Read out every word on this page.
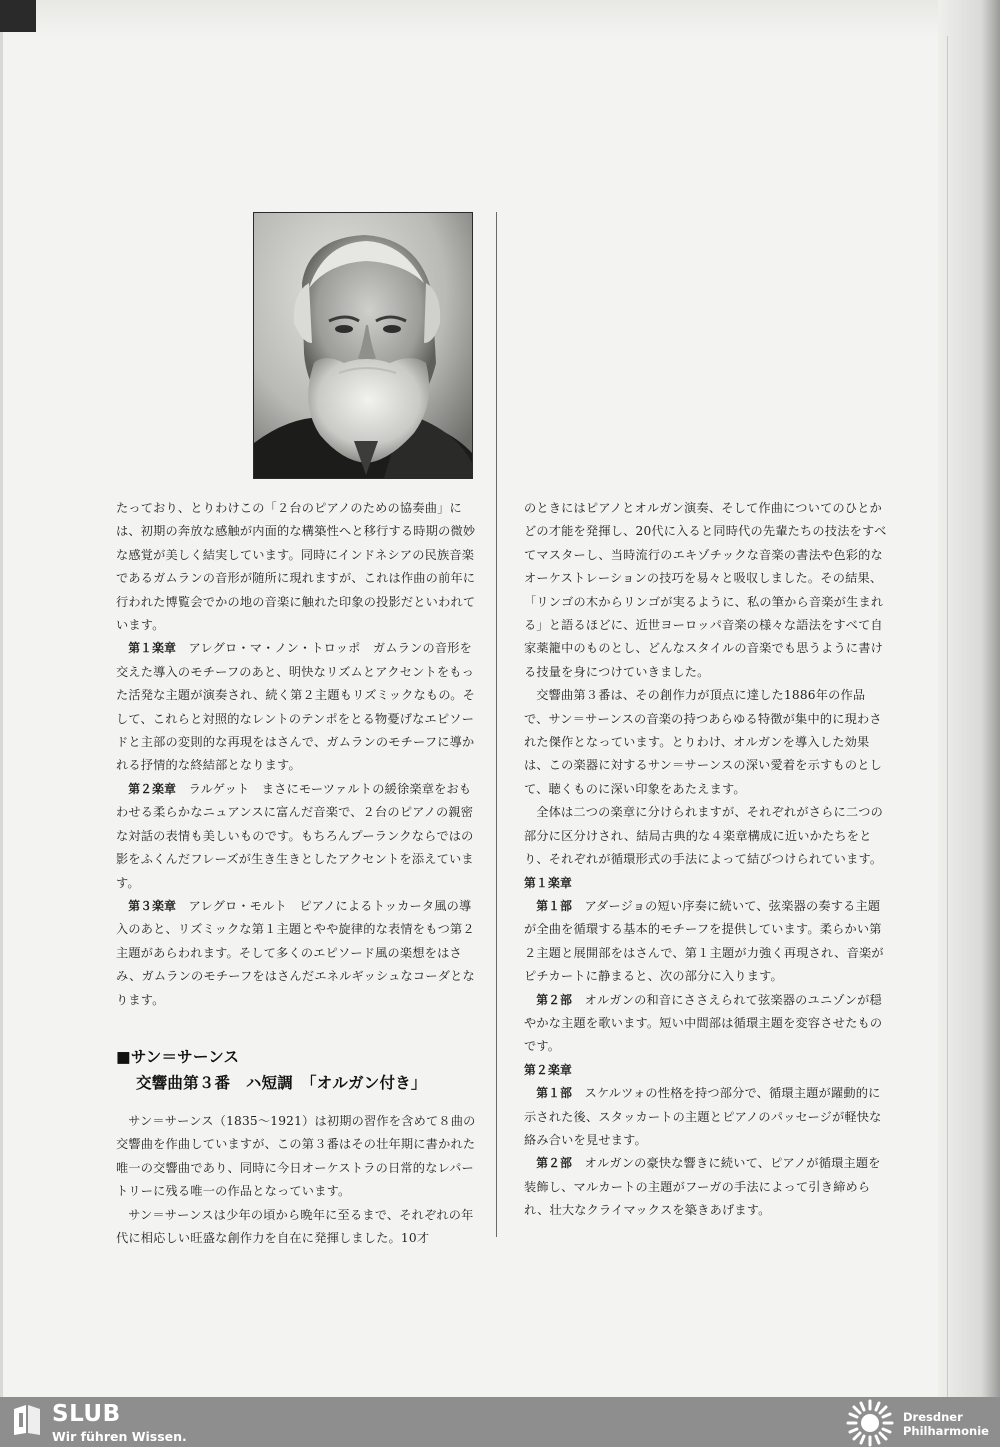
たっており、とりわけこの「２台のピアノのための協奏曲」には、初期の奔放な感触が内面的な構築性へと移行する時期の微妙な感覚が美しく結実しています。同時にインドネシアの民族音楽であるガムランの音形が随所に現れますが、これは作曲の前年に行われた博覧会でかの地の音楽に触れた印象の投影だといわれています。

第１楽章　 アレグロ・マ・ノン・トロッポ　ガムランの音形を交えた導入のモチーフのあと、明快なリズムとアクセントをもった活発な主題が演奏され、続く第２主題もリズミックなもの。そして、これらと対照的なレントのテンポをとる物憂げなエピソードと主部の変則的な再現をはさんで、ガムランのモチーフに導かれる抒情的な終結部となります。

第２楽章　 ラルゲット　まさにモーツァルトの緩徐楽章をおもわせる柔らかなニュアンスに富んだ音楽で、２台のピアノの親密な対話の表情も美しいものです。もちろんプーランクならではの影をふくんだフレーズが生き生きとしたアクセントを添えています。

第３楽章　 アレグロ・モルト　ピアノによるトッカータ風の導入のあと、リズミックな第１主題とやや旋律的な表情をもつ第２主題があらわれます。そして多くのエピソード風の楽想をはさみ、ガムランのモチーフをはさんだエネルギッシュなコーダとなります。

■サン＝サーンス
交響曲第３番　ハ短調　「オルガン付き」

サン＝サーンス（1835～1921）は初期の習作を含めて８曲の交響曲を作曲していますが、この第３番はその壮年期に書かれた唯一の交響曲であり、同時に今日オーケストラの日常的なレパートリーに残る唯一の作品となっています。

サン＝サーンスは少年の頃から晩年に至るまで、それぞれの年代に相応しい旺盛な創作力を自在に発揮しました。10才

のときにはピアノとオルガン演奏、そして作曲についてのひとかどの才能を発揮し、20代に入ると同時代の先輩たちの技法をすべてマスターし、当時流行のエキゾチックな音楽の書法や色彩的なオーケストレーションの技巧を易々と吸収しました。その結果、「リンゴの木からリンゴが実るように、私の筆から音楽が生まれる」と語るほどに、近世ヨーロッパ音楽の様々な語法をすべて自家薬籠中のものとし、どんなスタイルの音楽でも思うように書ける技量を身につけていきました。

交響曲第３番は、その創作力が頂点に達した1886年の作品で、サン＝サーンスの音楽の持つあらゆる特徴が集中的に現わされた傑作となっています。とりわけ、オルガンを導入した効果は、この楽器に対するサン＝サーンスの深い愛着を示すものとして、聴くものに深い印象をあたえます。

全体は二つの楽章に分けられますが、それぞれがさらに二つの部分に区分けされ、結局古典的な４楽章構成に近いかたちをとり、それぞれが循環形式の手法によって結びつけられています。

第１楽章

第１部　 アダージョの短い序奏に続いて、弦楽器の奏する主題が全曲を循環する基本的モチーフを提供しています。柔らかい第２主題と展開部をはさんで、第１主題が力強く再現され、音楽がピチカートに静まると、次の部分に入ります。

第２部　 オルガンの和音にささえられて弦楽器のユニゾンが穏やかな主題を歌います。短い中間部は循環主題を変容させたものです。

第２楽章

第１部　 スケルツォの性格を持つ部分で、循環主題が躍動的に示された後、スタッカートの主題とピアノのパッセージが軽快な絡み合いを見せます。

第２部　 オルガンの豪快な響きに続いて、ピアノが循環主題を装飾し、マルカートの主題がフーガの手法によって引き締められ、壮大なクライマックスを築きあげます。

SLUB
Wir führen Wissen.
Dresdner
Philharmonie
